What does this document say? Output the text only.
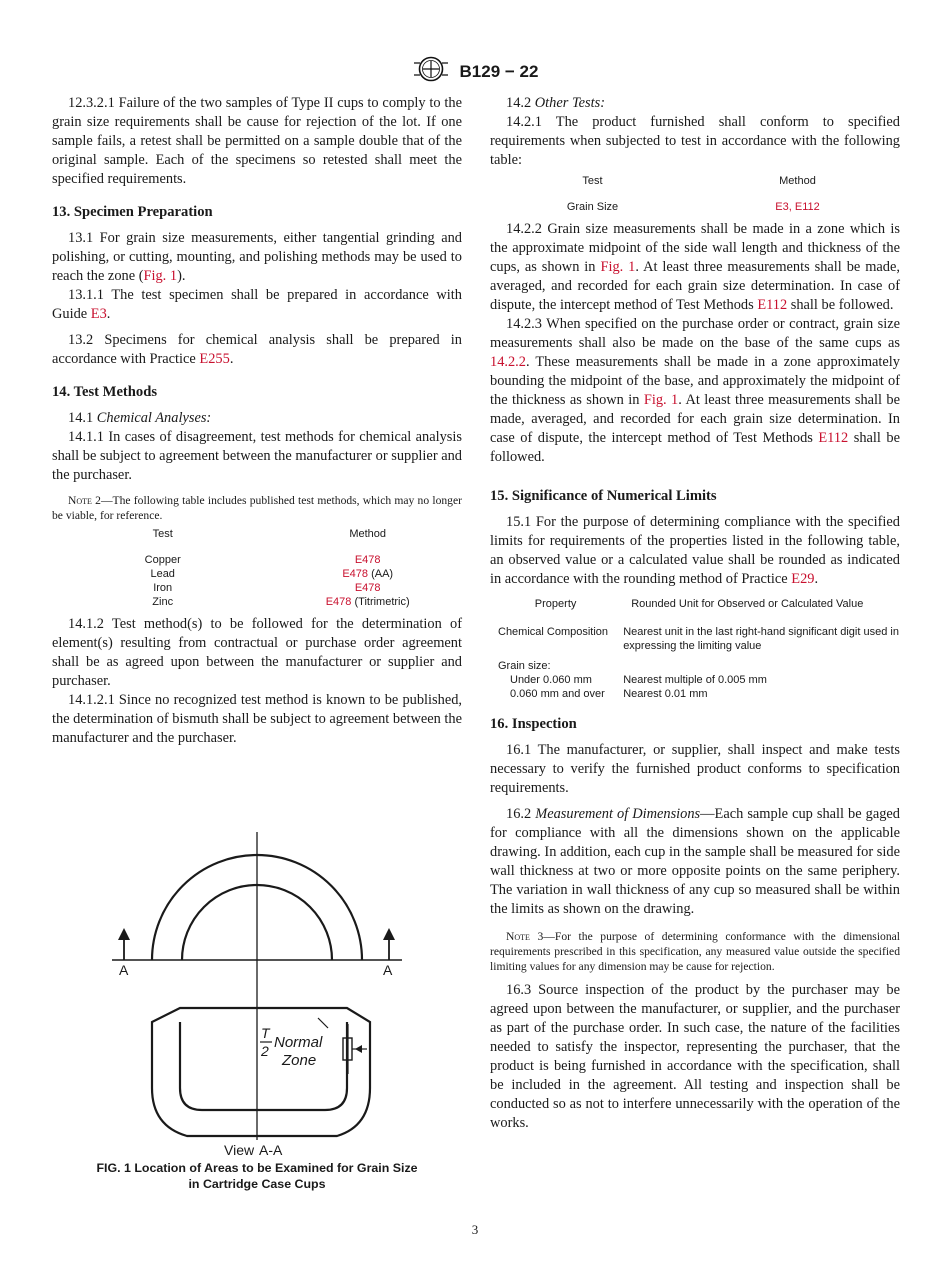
B129 − 22

12.3.2.1 Failure of the two samples of Type II cups to comply to the grain size requirements shall be cause for rejection of the lot. If one sample fails, a retest shall be permitted on a sample double that of the original sample. Each of the specimens so retested shall meet the specified requirements.

13. Specimen Preparation

13.1 For grain size measurements, either tangential grinding and polishing, or cutting, mounting, and polishing methods may be used to reach the zone (Fig. 1).

13.1.1 The test specimen shall be prepared in accordance with Guide E3.

13.2 Specimens for chemical analysis shall be prepared in accordance with Practice E255.

14. Test Methods

14.1 Chemical Analyses:

14.1.1 In cases of disagreement, test methods for chemical analysis shall be subject to agreement between the manufacturer or supplier and the purchaser.

Note 2—The following table includes published test methods, which may no longer be viable, for reference.
Test	Method

Copper	E478
Lead	E478 (AA)
Iron	E478
Zinc	E478 (Titrimetric)

14.1.2 Test method(s) to be followed for the determination of element(s) resulting from contractual or purchase order agreement shall be as agreed upon between the manufacturer or supplier and purchaser.

14.1.2.1 Since no recognized test method is known to be published, the determination of bismuth shall be subject to agreement between the manufacturer and the purchaser.

A	A
T
2 Normal
Zone
View A-A
FIG. 1 Location of Areas to be Examined for Grain Size
in Cartridge Case Cups

14.2 Other Tests:

14.2.1 The product furnished shall conform to specified requirements when subjected to test in accordance with the following table:

Test	Method

Grain Size	E3, E112

14.2.2 Grain size measurements shall be made in a zone which is the approximate midpoint of the side wall length and thickness of the cups, as shown in Fig. 1. At least three measurements shall be made, averaged, and recorded for each grain size determination. In case of dispute, the intercept method of Test Methods E112 shall be followed.

14.2.3 When specified on the purchase order or contract, grain size measurements shall also be made on the base of the same cups as 14.2.2. These measurements shall be made in a zone approximately bounding the midpoint of the base, and approximately the midpoint of the thickness as shown in Fig. 1. At least three measurements shall be made, averaged, and recorded for each grain size determination. In case of dispute, the intercept method of Test Methods E112 shall be followed.

15. Significance of Numerical Limits

15.1 For the purpose of determining compliance with the specified limits for requirements of the properties listed in the following table, an observed value or a calculated value shall be rounded as indicated in accordance with the rounding method of Practice E29.

Property	Rounded Unit for Observed or Calculated Value

Chemical Composition	Nearest unit in the last right-hand significant digit used in expressing the limiting value
Grain size:	
Under 0.060 mm	Nearest multiple of 0.005 mm
0.060 mm and over	Nearest 0.01 mm
16. Inspection

16.1 The manufacturer, or supplier, shall inspect and make tests necessary to verify the furnished product conforms to specification requirements.

16.2 Measurement of Dimensions—Each sample cup shall be gaged for compliance with all the dimensions shown on the applicable drawing. In addition, each cup in the sample shall be measured for side wall thickness at two or more opposite points on the same periphery. The variation in wall thickness of any cup so measured shall be within the limits as shown on the drawing.

Note 3—For the purpose of determining conformance with the dimensional requirements prescribed in this specification, any measured value outside the specified limiting values for any dimension may be cause for rejection.

16.3 Source inspection of the product by the purchaser may be agreed upon between the manufacturer, or supplier, and the purchaser as part of the purchase order. In such case, the nature of the facilities needed to satisfy the inspector, representing the purchaser, that the product is being furnished in accordance with the specification, shall be included in the agreement. All testing and inspection shall be conducted so as not to interfere unnecessarily with the operation of the works.

3
